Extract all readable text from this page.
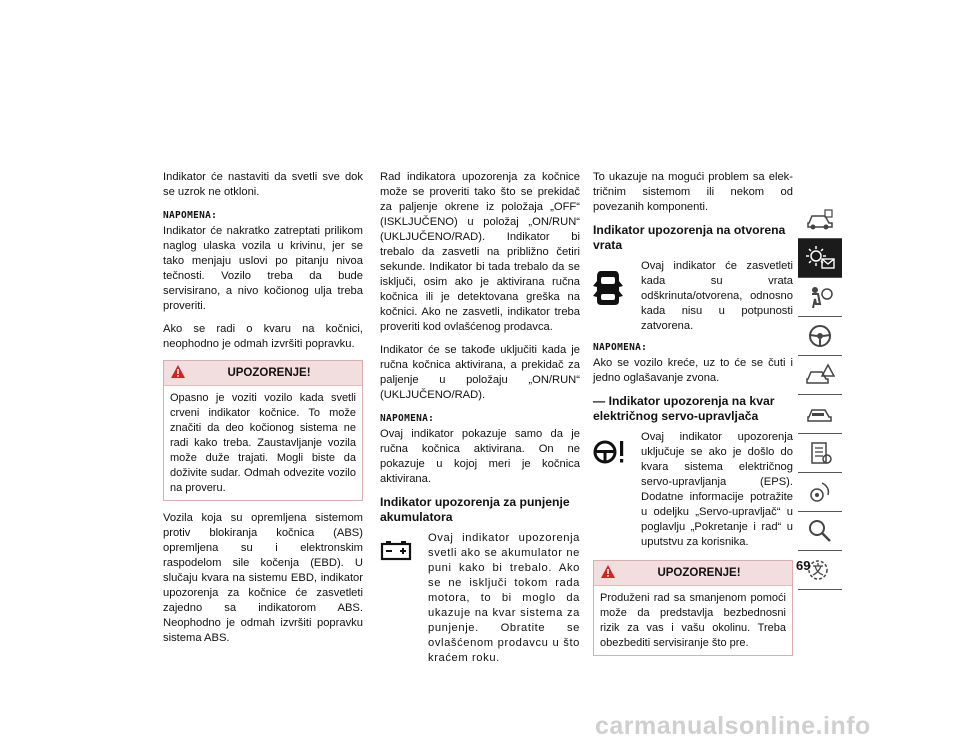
Indikator će nastaviti da svetli sve dok se uzrok ne otkloni.

NAPOMENA:

Indikator će nakratko zatreptati prilikom naglog ulaska vozila u krivinu, jer se tako menjaju uslovi po pitanju nivoa tečnosti. Vozilo treba da bude servisirano, a nivo kočionog ulja treba proveriti.

Ako se radi o kvaru na kočnici, neophodno je odmah izvršiti popravku.

UPOZORENJE!
Opasno je voziti vozilo kada svetli crveni indikator kočnice. To može značiti da deo kočionog sistema ne radi kako treba. Zaustavljanje vozila može duže trajati. Mogli biste da doživite sudar. Odmah odvezite vozilo na proveru.

Vozila koja su opremljena sistemom protiv blokiranja kočnica (ABS) opremljena su i elektronskim raspodelom sile kočenja (EBD). U slučaju kvara na sistemu EBD, indikator upozorenja za kočnice će zasvetleti zajedno sa indikatorom ABS. Neophodno je odmah izvršiti popravku sistema ABS.

Rad indikatora upozorenja za kočnice može se proveriti tako što se prekidač za paljenje okrene iz položaja „OFF“ (ISKLJUČENO) u položaj „ON/RUN“ (UKLJUČENO/RAD). Indikator bi trebalo da zasvetli na približno četiri sekunde. Indikator bi tada trebalo da se isključi, osim ako je aktivirana ručna kočnica ili je detektovana greška na kočnici. Ako ne zasvetli, indikator treba proveriti kod ovlašćenog prodavca.

Indikator će se takođe uključiti kada je ručna kočnica aktivirana, a prekidač za paljenje u položaju „ON/RUN“ (UKLJUČENO/RAD).

NAPOMENA:

Ovaj indikator pokazuje samo da je ručna kočnica aktivirana. On ne pokazuje u kojoj meri je kočnica aktivirana.

Indikator upozorenja za punjenje akumulatora
Ovaj indikator upozorenja svetli ako se akumulator ne puni kako bi trebalo. Ako se ne isključi tokom rada motora, to bi moglo da ukazuje na kvar sistema za punjenje. Obratite se ovlašćenom prodavcu u što kraćem roku.

To ukazuje na mogući problem sa električnim sistemom ili nekom od povezanih komponenti.

Indikator upozorenja na otvorena vrata
Ovaj indikator će zasvetleti kada su vrata odškrinuta/otvorena, odnosno kada nisu u potpunosti zatvorena.
NAPOMENA:

Ako se vozilo kreće, uz to će se čuti i jedno oglašavanje zvona.

— Indikator upozorenja na kvar električnog servo-upravljača
Ovaj indikator upozorenja uključuje se ako je došlo do kvara sistema električnog servo-upravljanja (EPS). Dodatne informacije potražite u odeljku „Servo-upravljač“ u poglavlju „Pokretanje i rad“ u uputstvu za korisnika.
UPOZORENJE!
Produženi rad sa smanjenom pomoći može da predstavlja bezbednosni rizik za vas i vašu okolinu. Treba obezbediti servisiranje što pre.
69
carmanualsonline.info
